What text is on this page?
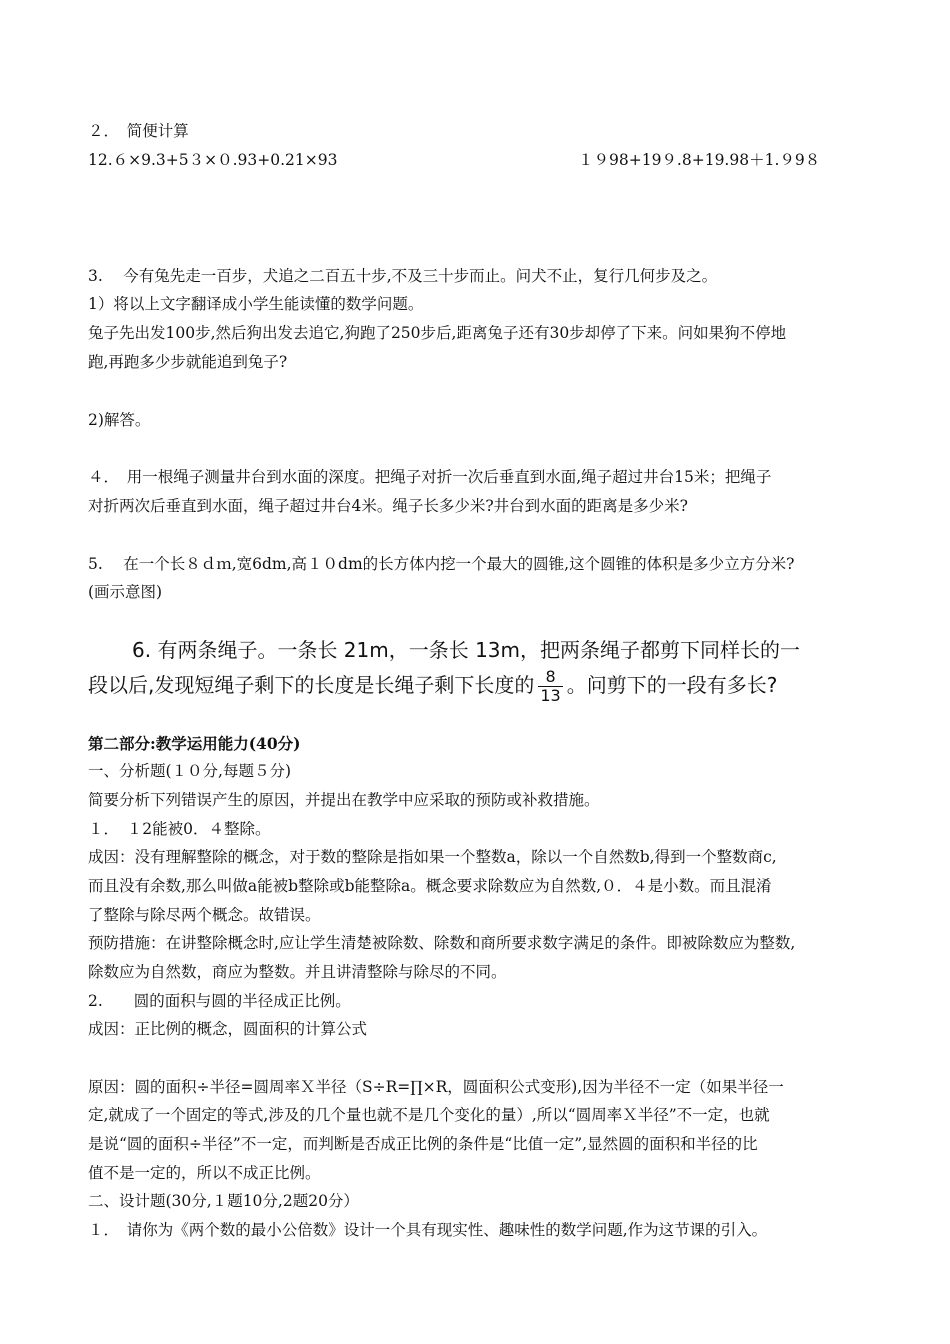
２．　简便计算
12.６×9.3+5３×０.93+0.21×93	１９98+19９.8+19.98＋1.９9８
3.　 今有兔先走一百步，犬追之二百五十步,不及三十步而止。问犬不止，复行几何步及之。
1）将以上文字翻译成小学生能读懂的数学问题。
兔子先出发100步,然后狗出发去追它,狗跑了250步后,距离兔子还有30步却停了下来。问如果狗不停地
跑,再跑多少步就能追到兔子?
2)解答。
４．　用一根绳子测量井台到水面的深度。把绳子对折一次后垂直到水面,绳子超过井台15米；把绳子
对折两次后垂直到水面，绳子超过井台4米。绳子长多少米?井台到水面的距离是多少米?
5.　 在一个长８ｄｍ,宽6dm,高１０dm的长方体内挖一个最大的圆锥,这个圆锥的体积是多少立方分米?
(画示意图)
6. 有两条绳子。一条长 21m，一条长 13m，把两条绳子都剪下同样长的一
段以后,发现短绳子剩下的长度是长绳子剩下长度的 $\frac{8}{13}$ 。问剪下的一段有多长?
第二部分:教学运用能力(40分)
一、分析题(１０分,每题５分)
简要分析下列错误产生的原因，并提出在教学中应采取的预防或补救措施。
１．　１2能被0．４整除。
成因：没有理解整除的概念，对于数的整除是指如果一个整数a，除以一个自然数b,得到一个整数商c,
而且没有余数,那么叫做a能被b整除或b能整除a。概念要求除数应为自然数,０．４是小数。而且混淆
了整除与除尽两个概念。故错误。
预防措施：在讲整除概念时,应让学生清楚被除数、除数和商所要求数字满足的条件。即被除数应为整数,
除数应为自然数，商应为整数。并且讲清整除与除尽的不同。
2.　　圆的面积与圆的半径成正比例。
成因：正比例的概念，圆面积的计算公式
原因：圆的面积÷半径=圆周率Ｘ半径（S÷R=∏×R，圆面积公式变形),因为半径不一定（如果半径一
定,就成了一个固定的等式,涉及的几个量也就不是几个变化的量）,所以“圆周率Ｘ半径”不一定，也就
是说“圆的面积÷半径”不一定，而判断是否成正比例的条件是“比值一定”,显然圆的面积和半径的比
值不是一定的，所以不成正比例。
二、设计题(30分,１题10分,2题20分）
１．　请你为《两个数的最小公倍数》设计一个具有现实性、趣味性的数学问题,作为这节课的引入。
